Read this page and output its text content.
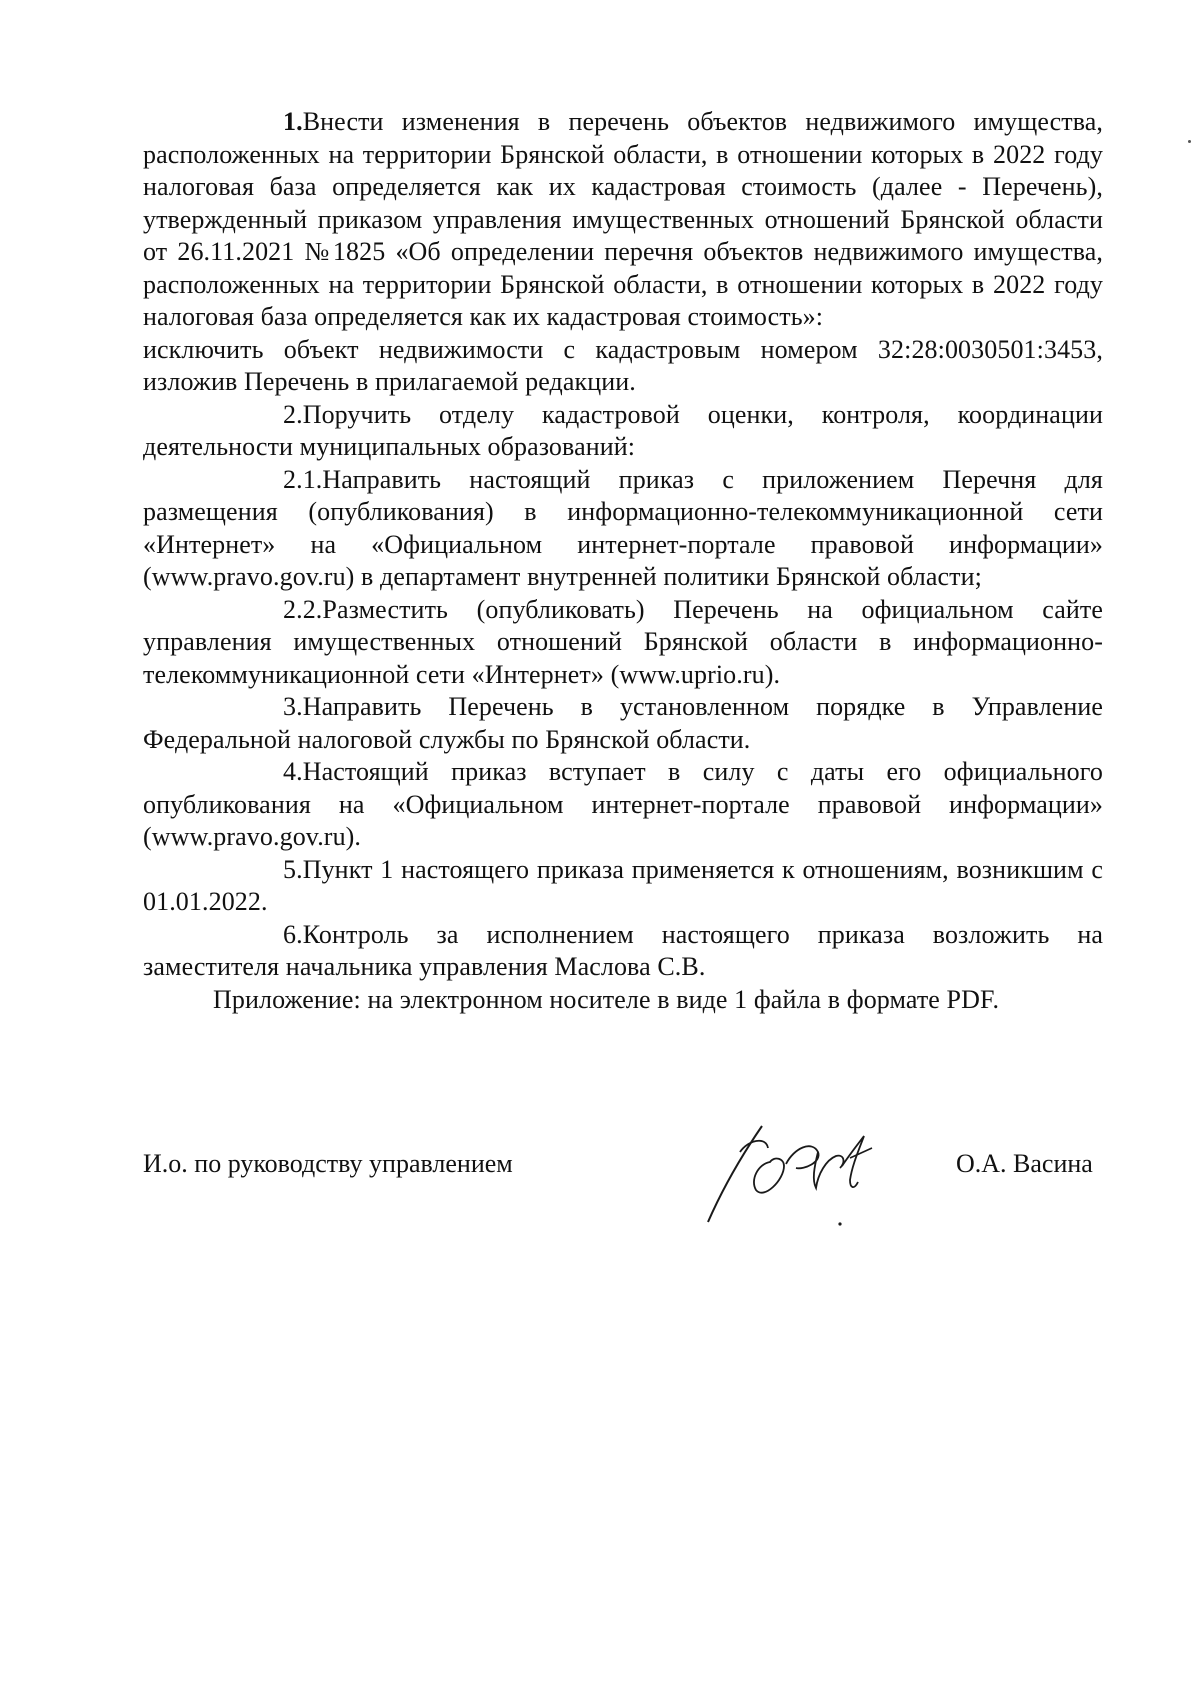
1.Внести изменения в перечень объектов недвижимого имущества, расположенных на территории Брянской области, в отношении которых в 2022 году налоговая база определяется как их кадастровая стоимость (далее - Перечень), утвержденный приказом управления имущественных отношений Брянской области от 26.11.2021 №1825 «Об определении перечня объектов недвижимого имущества, расположенных на территории Брянской области, в отношении которых в 2022 году налоговая база определяется как их кадастровая стоимость»:

исключить объект недвижимости с кадастровым номером 32:28:0030501:3453, изложив Перечень в прилагаемой редакции.

2.Поручить отделу кадастровой оценки, контроля, координации деятельности муниципальных образований:

2.1.Направить настоящий приказ с приложением Перечня для размещения (опубликования) в информационно-телекоммуникационной сети «Интернет» на «Официальном интернет-портале правовой информации» (www.pravo.gov.ru) в департамент внутренней политики Брянской области;

2.2.Разместить (опубликовать) Перечень на официальном сайте управления имущественных отношений Брянской области в информационно-телекоммуникационной сети «Интернет» (www.uprio.ru).

3.Направить Перечень в установленном порядке в Управление Федеральной налоговой службы по Брянской области.

4.Настоящий приказ вступает в силу с даты его официального опубликования на «Официальном интернет-портале правовой информации» (www.pravo.gov.ru).

5.Пункт 1 настоящего приказа применяется к отношениям, возникшим с 01.01.2022.

6.Контроль за исполнением настоящего приказа возложить на заместителя начальника управления Маслова С.В.

Приложение: на электронном носителе в виде 1 файла в формате PDF.

И.о. по руководству управлением	О.А. Васина
